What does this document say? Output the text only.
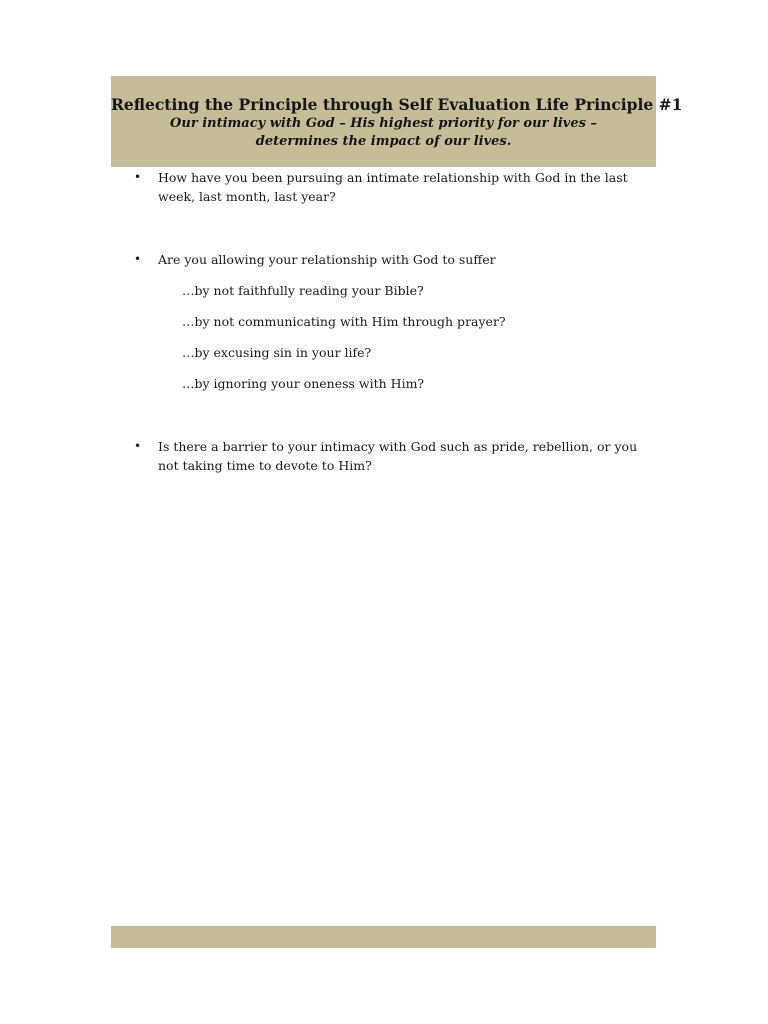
Reflecting the Principle through Self Evaluation Life Principle #1
Our intimacy with God – His highest priority for our lives –
determines the impact of our lives.
• How have you been pursuing an intimate relationship with God in the last week, last month, last year?
• Are you allowing your relationship with God to suffer
…by not faithfully reading your Bible?
…by not communicating with Him through prayer?
…by excusing sin in your life?
…by ignoring your oneness with Him?
• Is there a barrier to your intimacy with God such as pride, rebellion, or you not taking time to devote to Him?
